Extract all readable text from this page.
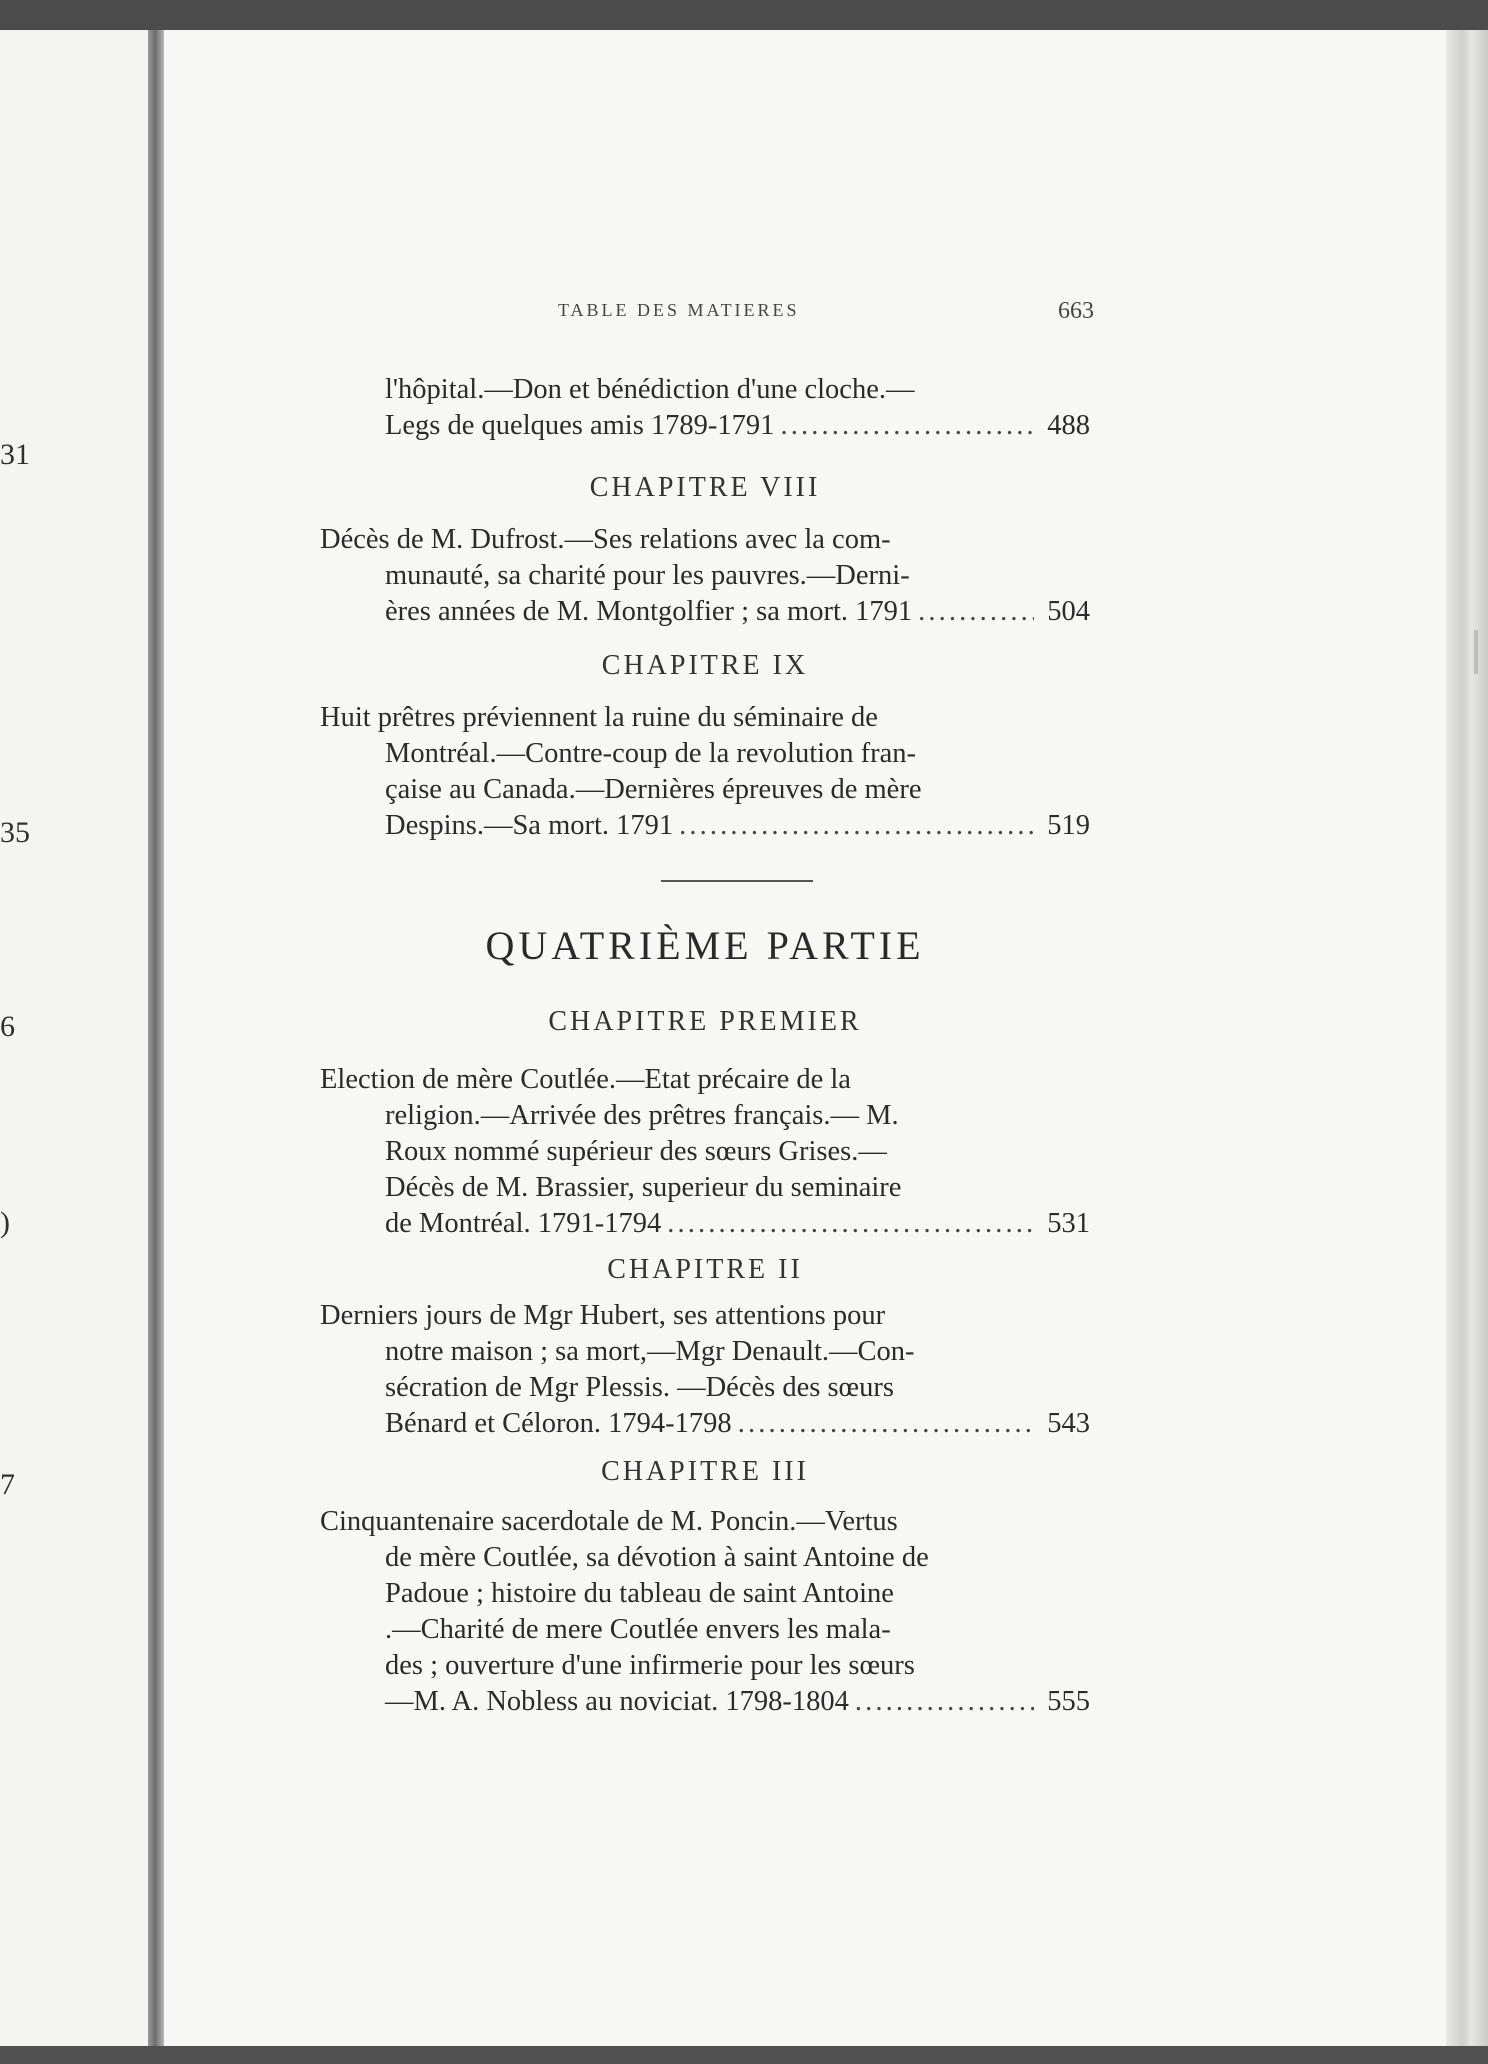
31
35
6
)
7
TABLE DES MATIERES	663
l'hôpital.—Don et bénédiction d'une cloche.—
Legs de quelques amis 1789-1791 . . .	488
CHAPITRE VIII
Décès de M. Dufrost.—Ses relations avec la com-
munauté, sa charité pour les pauvres.—Derni-
ères années de M. Montgolfier ; sa mort. 1791 . . .	504
CHAPITRE IX
Huit prêtres préviennent la ruine du séminaire de
Montréal.—Contre-coup de la revolution fran-
çaise au Canada.—Dernières épreuves de mère
Despins.—Sa mort. 1791 . . .	519
QUATRIÈME PARTIE
CHAPITRE PREMIER
Election de mère Coutlée.—Etat précaire de la
religion.—Arrivée des prêtres français.— M.
Roux nommé supérieur des sœurs Grises.—
Décès de M. Brassier, superieur du seminaire
de Montréal. 1791-1794 . . .	531
CHAPITRE II
Derniers jours de Mgr Hubert, ses attentions pour
notre maison ; sa mort,—Mgr Denault.—Con-
sécration de Mgr Plessis. —Décès des sœurs
Bénard et Céloron. 1794-1798 . . .	543
CHAPITRE III
Cinquantenaire sacerdotale de M. Poncin.—Vertus
de mère Coutlée, sa dévotion à saint Antoine de
Padoue ; histoire du tableau de saint Antoine
.—Charité de mere Coutlée envers les mala-
des ; ouverture d'une infirmerie pour les sœurs
—M. A. Nobless au noviciat. 1798-1804 . . .	555
